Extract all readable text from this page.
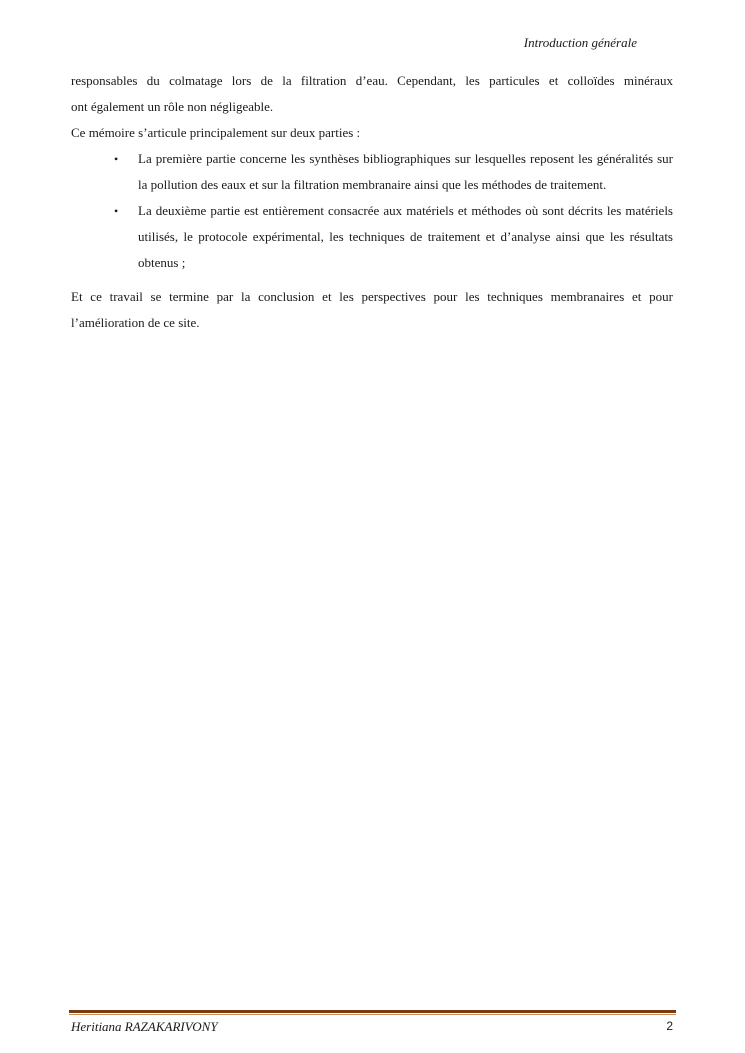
Introduction générale

responsables du colmatage lors de la filtration d’eau. Cependant, les particules et colloïdes minéraux

ont également un rôle non négligeable.

Ce mémoire s’articule principalement sur deux parties :

• La première partie concerne les synthèses bibliographiques sur lesquelles reposent les généralités sur la pollution des eaux et sur la filtration membranaire ainsi que les méthodes de traitement.
• La deuxième partie est entièrement consacrée aux matériels et méthodes où sont décrits les matériels utilisés, le protocole expérimental, les techniques de traitement et d’analyse ainsi que les résultats obtenus ;

Et ce travail se termine par la conclusion et les perspectives pour les techniques membranaires et pour l’amélioration de ce site.

Heritiana RAZAKARIVONY	2
